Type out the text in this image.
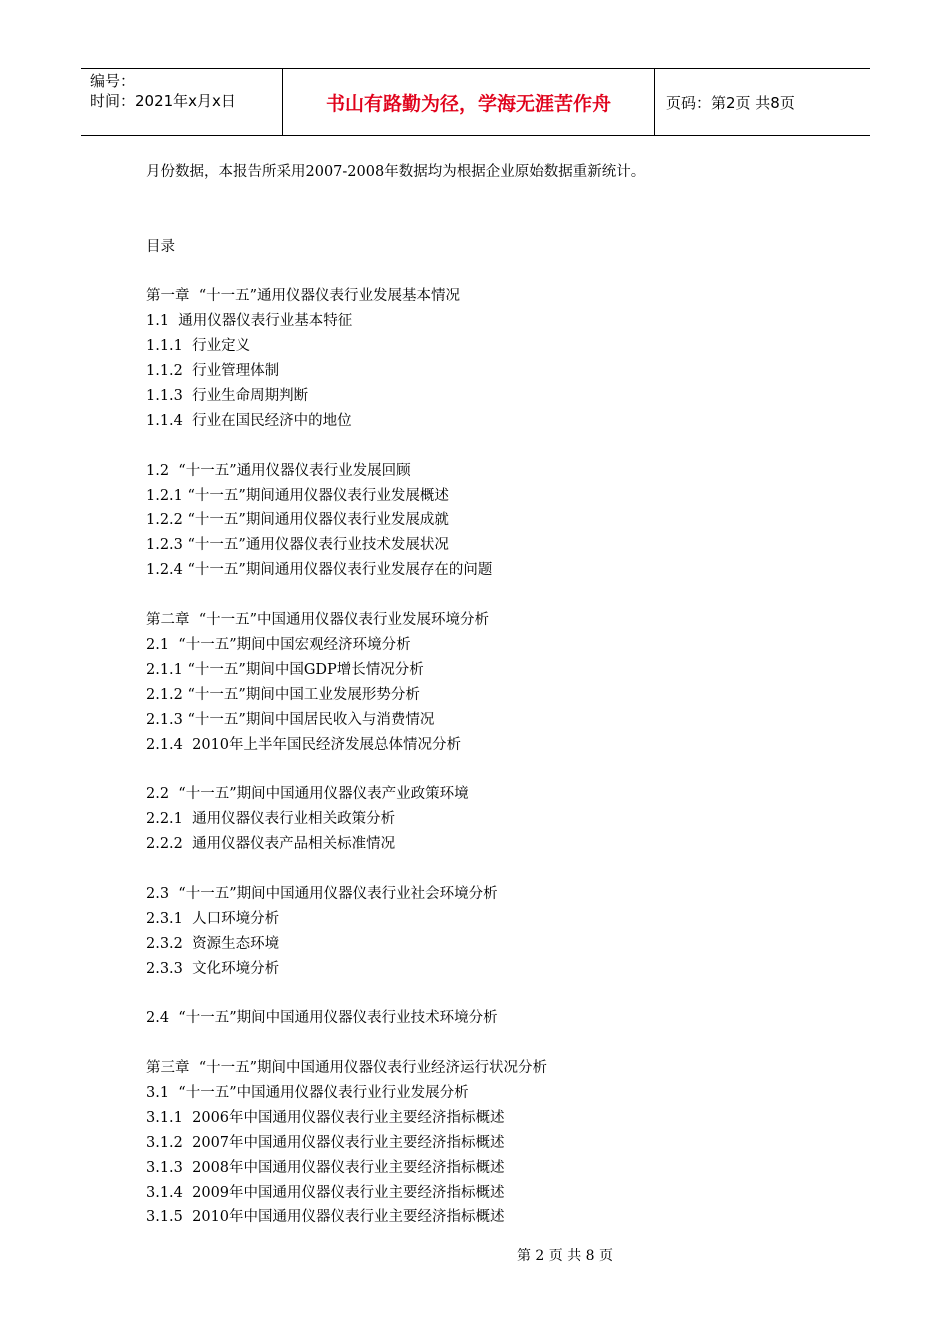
编号：
时间：2021年x月x日	书山有路勤为径，学海无涯苦作舟	页码：第2页 共8页
月份数据，本报告所采用2007-2008年数据均为根据企业原始数据重新统计。
目录
第一章  “十一五”通用仪器仪表行业发展基本情况
1.1  通用仪器仪表行业基本特征
1.1.1  行业定义
1.1.2  行业管理体制
1.1.3  行业生命周期判断
1.1.4  行业在国民经济中的地位
1.2  “十一五”通用仪器仪表行业发展回顾
1.2.1 “十一五”期间通用仪器仪表行业发展概述
1.2.2 “十一五”期间通用仪器仪表行业发展成就
1.2.3 “十一五”通用仪器仪表行业技术发展状况
1.2.4 “十一五”期间通用仪器仪表行业发展存在的问题
第二章  “十一五”中国通用仪器仪表行业发展环境分析
2.1  “十一五”期间中国宏观经济环境分析
2.1.1 “十一五”期间中国GDP增长情况分析
2.1.2 “十一五”期间中国工业发展形势分析
2.1.3 “十一五”期间中国居民收入与消费情况
2.1.4  2010年上半年国民经济发展总体情况分析
2.2  “十一五”期间中国通用仪器仪表产业政策环境
2.2.1  通用仪器仪表行业相关政策分析
2.2.2  通用仪器仪表产品相关标准情况
2.3  “十一五”期间中国通用仪器仪表行业社会环境分析
2.3.1  人口环境分析
2.3.2  资源生态环境
2.3.3  文化环境分析
2.4  “十一五”期间中国通用仪器仪表行业技术环境分析
第三章  “十一五”期间中国通用仪器仪表行业经济运行状况分析
3.1  “十一五”中国通用仪器仪表行业行业发展分析
3.1.1  2006年中国通用仪器仪表行业主要经济指标概述
3.1.2  2007年中国通用仪器仪表行业主要经济指标概述
3.1.3  2008年中国通用仪器仪表行业主要经济指标概述
3.1.4  2009年中国通用仪器仪表行业主要经济指标概述
3.1.5  2010年中国通用仪器仪表行业主要经济指标概述
第 2 页 共 8 页
